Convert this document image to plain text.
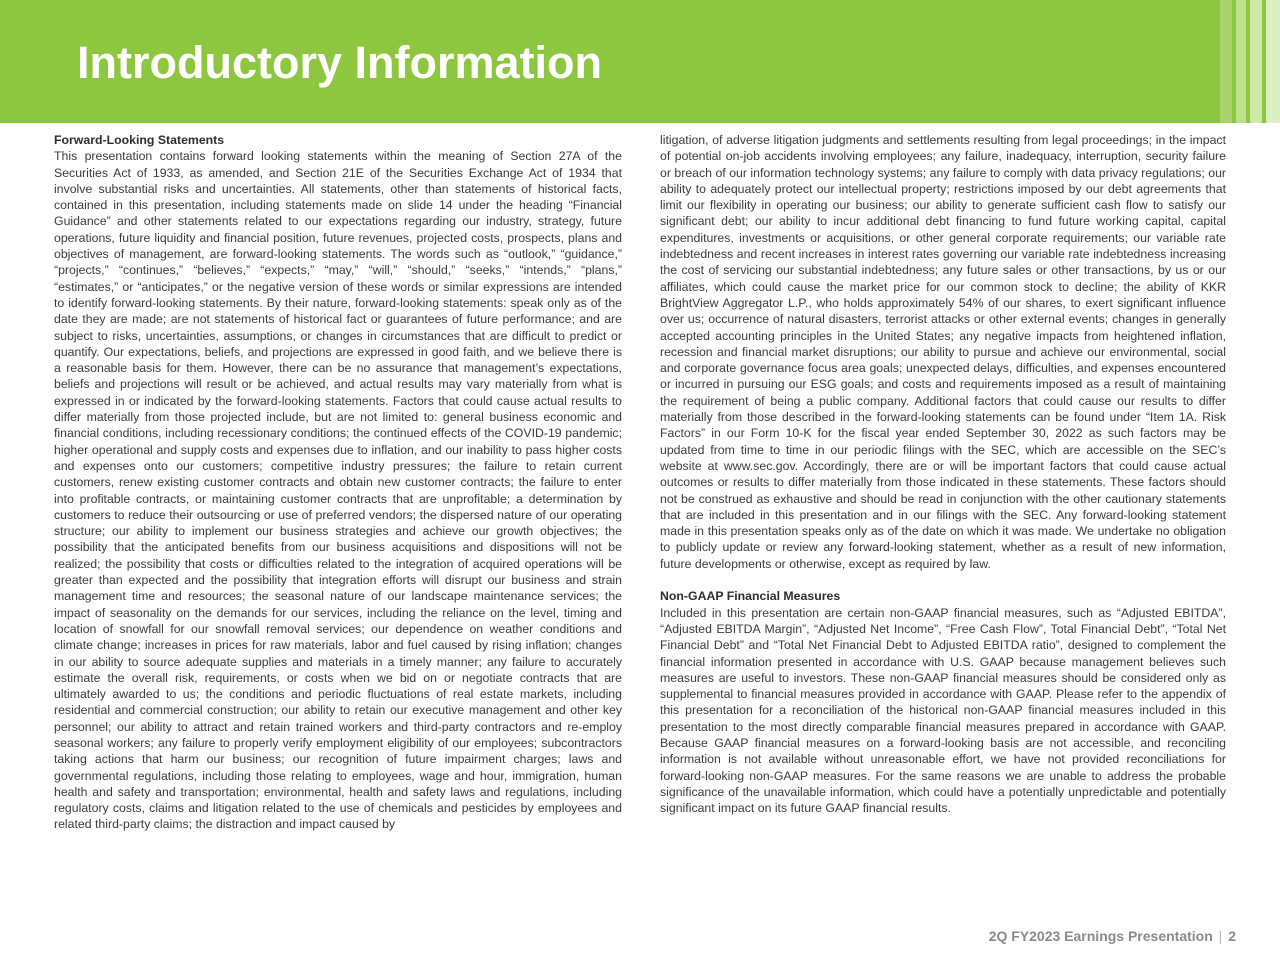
Introductory Information

Forward-Looking Statements

This presentation contains forward looking statements within the meaning of Section 27A of the Securities Act of 1933, as amended, and Section 21E of the Securities Exchange Act of 1934 that involve substantial risks and uncertainties. All statements, other than statements of historical facts, contained in this presentation, including statements made on slide 14 under the heading “Financial Guidance” and other statements related to our expectations regarding our industry, strategy, future operations, future liquidity and financial position, future revenues, projected costs, prospects, plans and objectives of management, are forward-looking statements. The words such as “outlook,” “guidance,” “projects,” “continues,” “believes,” “expects,” “may,” “will,” “should,” “seeks,” “intends,” “plans,” “estimates,” or “anticipates,” or the negative version of these words or similar expressions are intended to identify forward-looking statements. By their nature, forward-looking statements: speak only as of the date they are made; are not statements of historical fact or guarantees of future performance; and are subject to risks, uncertainties, assumptions, or changes in circumstances that are difficult to predict or quantify. Our expectations, beliefs, and projections are expressed in good faith, and we believe there is a reasonable basis for them. However, there can be no assurance that management’s expectations, beliefs and projections will result or be achieved, and actual results may vary materially from what is expressed in or indicated by the forward-looking statements. Factors that could cause actual results to differ materially from those projected include, but are not limited to: general business economic and financial conditions, including recessionary conditions; the continued effects of the COVID-19 pandemic; higher operational and supply costs and expenses due to inflation, and our inability to pass higher costs and expenses onto our customers; competitive industry pressures; the failure to retain current customers, renew existing customer contracts and obtain new customer contracts; the failure to enter into profitable contracts, or maintaining customer contracts that are unprofitable; a determination by customers to reduce their outsourcing or use of preferred vendors; the dispersed nature of our operating structure; our ability to implement our business strategies and achieve our growth objectives; the possibility that the anticipated benefits from our business acquisitions and dispositions will not be realized; the possibility that costs or difficulties related to the integration of acquired operations will be greater than expected and the possibility that integration efforts will disrupt our business and strain management time and resources; the seasonal nature of our landscape maintenance services; the impact of seasonality on the demands for our services, including the reliance on the level, timing and location of snowfall for our snowfall removal services; our dependence on weather conditions and climate change; increases in prices for raw materials, labor and fuel caused by rising inflation; changes in our ability to source adequate supplies and materials in a timely manner; any failure to accurately estimate the overall risk, requirements, or costs when we bid on or negotiate contracts that are ultimately awarded to us; the conditions and periodic fluctuations of real estate markets, including residential and commercial construction; our ability to retain our executive management and other key personnel; our ability to attract and retain trained workers and third-party contractors and re-employ seasonal workers; any failure to properly verify employment eligibility of our employees; subcontractors taking actions that harm our business; our recognition of future impairment charges; laws and governmental regulations, including those relating to employees, wage and hour, immigration, human health and safety and transportation; environmental, health and safety laws and regulations, including regulatory costs, claims and litigation related to the use of chemicals and pesticides by employees and related third-party claims; the distraction and impact caused by

litigation, of adverse litigation judgments and settlements resulting from legal proceedings; in the impact of potential on-job accidents involving employees; any failure, inadequacy, interruption, security failure or breach of our information technology systems; any failure to comply with data privacy regulations; our ability to adequately protect our intellectual property; restrictions imposed by our debt agreements that limit our flexibility in operating our business; our ability to generate sufficient cash flow to satisfy our significant debt; our ability to incur additional debt financing to fund future working capital, capital expenditures, investments or acquisitions, or other general corporate requirements; our variable rate indebtedness and recent increases in interest rates governing our variable rate indebtedness increasing the cost of servicing our substantial indebtedness; any future sales or other transactions, by us or our affiliates, which could cause the market price for our common stock to decline; the ability of KKR BrightView Aggregator L.P., who holds approximately 54% of our shares, to exert significant influence over us; occurrence of natural disasters, terrorist attacks or other external events; changes in generally accepted accounting principles in the United States; any negative impacts from heightened inflation, recession and financial market disruptions; our ability to pursue and achieve our environmental, social and corporate governance focus area goals; unexpected delays, difficulties, and expenses encountered or incurred in pursuing our ESG goals; and costs and requirements imposed as a result of maintaining the requirement of being a public company. Additional factors that could cause our results to differ materially from those described in the forward-looking statements can be found under “Item 1A. Risk Factors” in our Form 10-K for the fiscal year ended September 30, 2022 as such factors may be updated from time to time in our periodic filings with the SEC, which are accessible on the SEC’s website at www.sec.gov. Accordingly, there are or will be important factors that could cause actual outcomes or results to differ materially from those indicated in these statements. These factors should not be construed as exhaustive and should be read in conjunction with the other cautionary statements that are included in this presentation and in our filings with the SEC. Any forward-looking statement made in this presentation speaks only as of the date on which it was made. We undertake no obligation to publicly update or review any forward-looking statement, whether as a result of new information, future developments or otherwise, except as required by law.

Non-GAAP Financial Measures

Included in this presentation are certain non-GAAP financial measures, such as “Adjusted EBITDA”, “Adjusted EBITDA Margin”, “Adjusted Net Income”, “Free Cash Flow”, Total Financial Debt”, “Total Net Financial Debt” and “Total Net Financial Debt to Adjusted EBITDA ratio”, designed to complement the financial information presented in accordance with U.S. GAAP because management believes such measures are useful to investors. These non-GAAP financial measures should be considered only as supplemental to financial measures provided in accordance with GAAP. Please refer to the appendix of this presentation for a reconciliation of the historical non-GAAP financial measures included in this presentation to the most directly comparable financial measures prepared in accordance with GAAP. Because GAAP financial measures on a forward-looking basis are not accessible, and reconciling information is not available without unreasonable effort, we have not provided reconciliations for forward-looking non-GAAP measures. For the same reasons we are unable to address the probable significance of the unavailable information, which could have a potentially unpredictable and potentially significant impact on its future GAAP financial results.

2Q FY2023 Earnings Presentation | 2
